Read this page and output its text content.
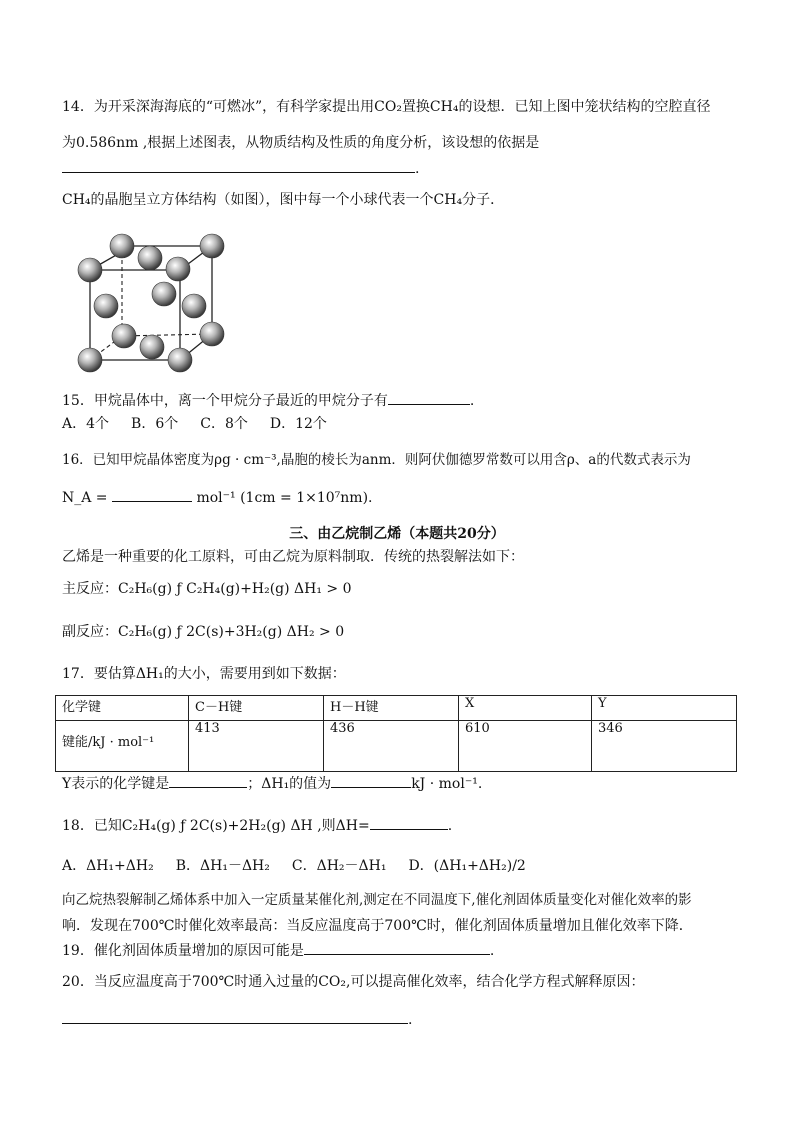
14．为开采深海海底的“可燃冰”，有科学家提出用CO₂置换CH₄的设想．已知上图中笼状结构的空腔直径
为0.586nm ,根据上述图表，从物质结构及性质的角度分析，该设想的依据是
.
CH₄的晶胞呈立方体结构（如图），图中每一个小球代表一个CH₄分子．
15．甲烷晶体中，离一个甲烷分子最近的甲烷分子有	.
A．4个 B．6个 C．8个 D．12个
16．已知甲烷晶体密度为ρg · cm⁻³,晶胞的棱长为anm．则阿伏伽德罗常数可以用含ρ、a的代数式表示为
N_A =	mol⁻¹ (1cm = 1×10⁷nm).
三、由乙烷制乙烯（本题共20分）
乙烯是一种重要的化工原料，可由乙烷为原料制取．传统的热裂解法如下：
主反应：C₂H₆(g) ƒ C₂H₄(g)+H₂(g) ΔH₁ > 0
副反应：C₂H₆(g) ƒ 2C(s)+3H₂(g) ΔH₂ > 0
17．要估算ΔH₁的大小，需要用到如下数据：
化学键	C－H键	H－H键	X	Y
键能/kJ · mol⁻¹	413	436	610	346
Y表示的化学键是	；ΔH₁的值为	kJ · mol⁻¹.
18．已知C₂H₄(g) ƒ 2C(s)+2H₂(g) ΔH ,则ΔH=	.
A．ΔH₁+ΔH₂ B．ΔH₁－ΔH₂ C．ΔH₂－ΔH₁ D．(ΔH₁+ΔH₂)/2
向乙烷热裂解制乙烯体系中加入一定质量某催化剂,测定在不同温度下,催化剂固体质量变化对催化效率的影
响．发现在700℃时催化效率最高：当反应温度高于700℃时，催化剂固体质量增加且催化效率下降．
19．催化剂固体质量增加的原因可能是	.
20．当反应温度高于700℃时通入过量的CO₂,可以提高催化效率，结合化学方程式解释原因：
.
